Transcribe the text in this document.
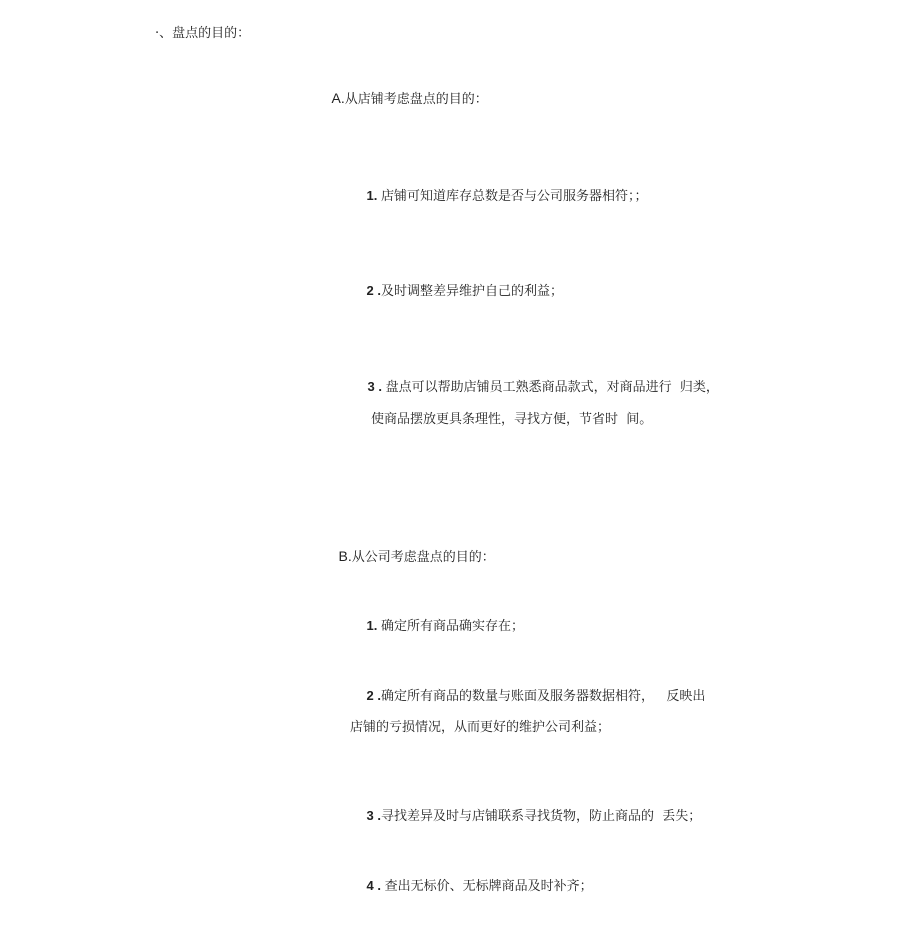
·、盘点的目的：

A.从店铺考虑盘点的目的：

1. 店铺可知道库存总数是否与公司服务器相符；；

2 .及时调整差异维护自己的利益；

3 . 盘点可以帮助店铺员工熟悉商品款式，对商品进行  归类，

使商品摆放更具条理性，寻找方便，节省时  间。

B.从公司考虑盘点的目的：

1. 确定所有商品确实存在；

2 .确定所有商品的数量与账面及服务器数据相符，   反映出

店铺的亏损情况，从而更好的维护公司利益；

3 .寻找差异及时与店铺联系寻找货物，防止商品的  丢失；

4 . 查出无标价、无标牌商品及时补齐；
